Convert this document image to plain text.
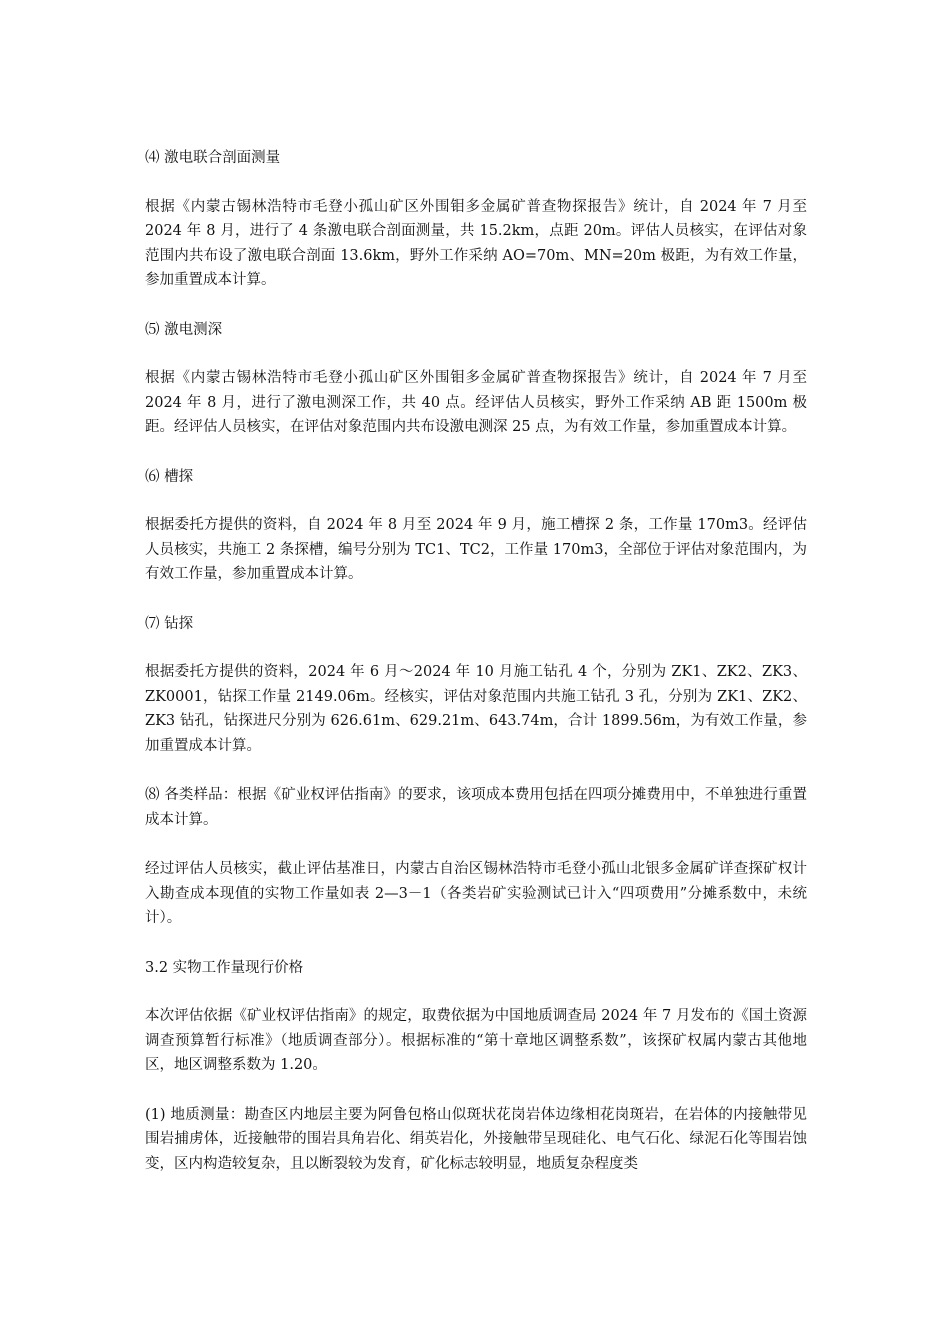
⑷ 激电联合剖面测量

根据《内蒙古锡林浩特市毛登小孤山矿区外围钼多金属矿普查物探报告》统计，自 2024 年 7 月至 2024 年 8 月，进行了 4 条激电联合剖面测量，共 15.2km，点距 20m。评估人员核实，在评估对象范围内共布设了激电联合剖面 13.6km，野外工作采纳 AO=70m、MN=20m 极距，为有效工作量，参加重置成本计算。

⑸ 激电测深

根据《内蒙古锡林浩特市毛登小孤山矿区外围钼多金属矿普查物探报告》统计，自 2024 年 7 月至 2024 年 8 月，进行了激电测深工作，共 40 点。经评估人员核实，野外工作采纳 AB 距 1500m 极距。经评估人员核实，在评估对象范围内共布设激电测深 25 点，为有效工作量，参加重置成本计算。

⑹ 槽探

根据委托方提供的资料，自 2024 年 8 月至 2024 年 9 月，施工槽探 2 条，工作量 170m3。经评估人员核实，共施工 2 条探槽，编号分别为 TC1、TC2，工作量 170m3，全部位于评估对象范围内，为有效工作量，参加重置成本计算。

⑺ 钻探

根据委托方提供的资料，2024 年 6 月～2024 年 10 月施工钻孔 4 个，分别为 ZK1、ZK2、ZK3、ZK0001，钻探工作量 2149.06m。经核实，评估对象范围内共施工钻孔 3 孔，分别为 ZK1、ZK2、ZK3 钻孔，钻探进尺分别为 626.61m、629.21m、643.74m，合计 1899.56m，为有效工作量，参加重置成本计算。

⑻ 各类样品：根据《矿业权评估指南》的要求，该项成本费用包括在四项分摊费用中，不单独进行重置成本计算。

经过评估人员核实，截止评估基准日，内蒙古自治区锡林浩特市毛登小孤山北银多金属矿详查探矿权计入勘查成本现值的实物工作量如表 2—3－1（各类岩矿实验测试已计入“四项费用”分摊系数中，未统计）。

3.2 实物工作量现行价格

本次评估依据《矿业权评估指南》的规定，取费依据为中国地质调查局 2024 年 7 月发布的《国土资源调查预算暂行标准》（地质调查部分）。根据标准的“第十章地区调整系数”，该探矿权属内蒙古其他地区，地区调整系数为 1.20。

(1) 地质测量：勘查区内地层主要为阿鲁包格山似斑状花岗岩体边缘相花岗斑岩，在岩体的内接触带见围岩捕虏体，近接触带的围岩具角岩化、绢英岩化，外接触带呈现硅化、电气石化、绿泥石化等围岩蚀变，区内构造较复杂，且以断裂较为发育，矿化标志较明显，地质复杂程度类
